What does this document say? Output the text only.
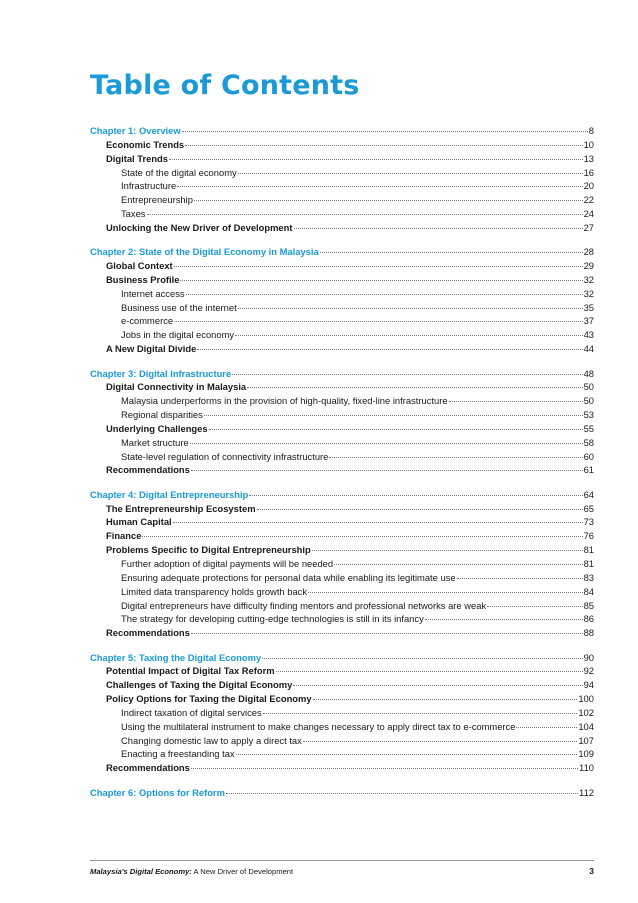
Table of Contents
Chapter 1: Overview	8
Economic Trends	10
Digital Trends	13
State of the digital economy	16
Infrastructure	20
Entrepreneurship	22
Taxes	24
Unlocking the New Driver of Development	27
Chapter 2: State of the Digital Economy in Malaysia	28
Global Context	29
Business Profile	32
Internet access	32
Business use of the internet	35
e-commerce	37
Jobs in the digital economy	43
A New Digital Divide	44
Chapter 3: Digital Infrastructure	48
Digital Connectivity in Malaysia	50
Malaysia underperforms in the provision of high-quality, fixed-line infrastructure	50
Regional disparities	53
Underlying Challenges	55
Market structure	58
State-level regulation of connectivity infrastructure	60
Recommendations	61
Chapter 4: Digital Entrepreneurship	64
The Entrepreneurship Ecosystem	65
Human Capital	73
Finance	76
Problems Specific to Digital Entrepreneurship	81
Further adoption of digital payments will be needed	81
Ensuring adequate protections for personal data while enabling its legitimate use	83
Limited data transparency holds growth back	84
Digital entrepreneurs have difficulty finding mentors and professional networks are weak	85
The strategy for developing cutting-edge technologies is still in its infancy	86
Recommendations	88
Chapter 5: Taxing the Digital Economy	90
Potential Impact of Digital Tax Reform	92
Challenges of Taxing the Digital Economy	94
Policy Options for Taxing the Digital Economy	100
Indirect taxation of digital services	102
Using the multilateral instrument to make changes necessary to apply direct tax to e-commerce	104
Changing domestic law to apply a direct tax	107
Enacting a freestanding tax	109
Recommendations	110
Chapter 6: Options for Reform	112
Malaysia's Digital Economy: A New Driver of Development	3
